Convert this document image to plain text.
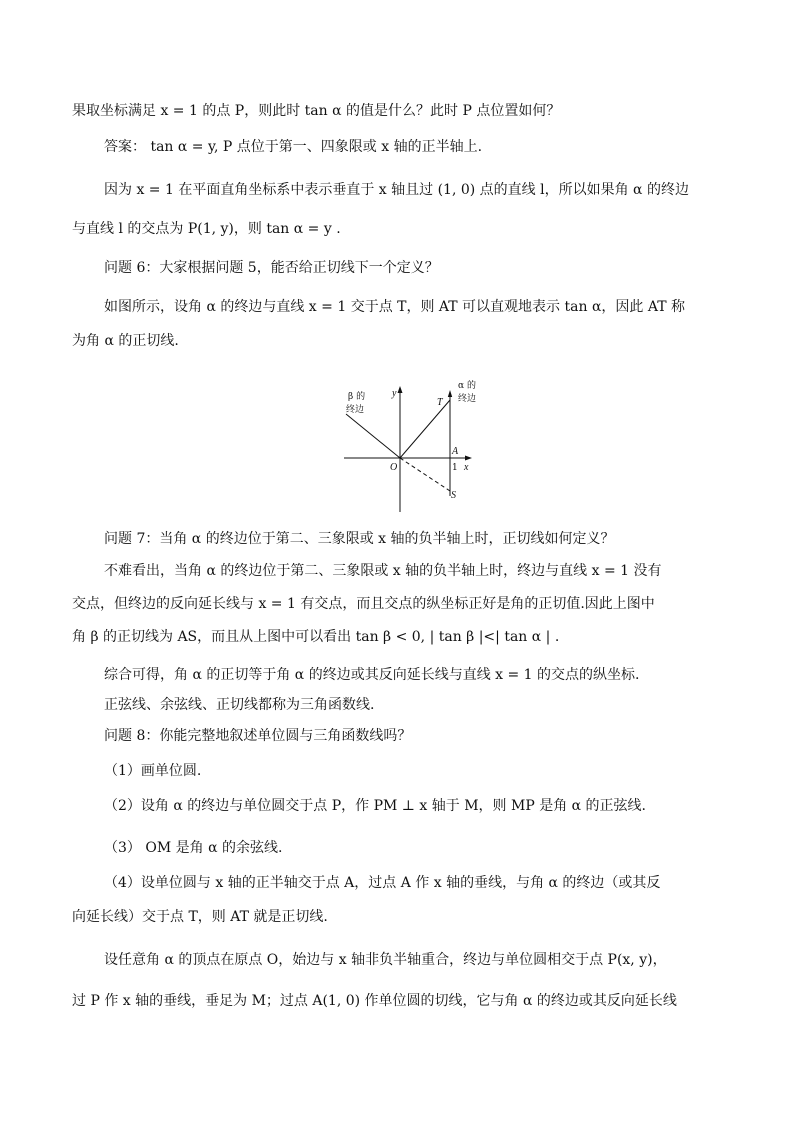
果取坐标满足 x = 1 的点 P，则此时 tan α 的值是什么？此时 P 点位置如何？
答案： tan α = y, P 点位于第一、四象限或 x 轴的正半轴上.
因为 x = 1 在平面直角坐标系中表示垂直于 x 轴且过 (1, 0) 点的直线 l，所以如果角 α 的终边
与直线 l 的交点为 P(1, y)，则 tan α = y .
问题 6：大家根据问题 5，能否给正切线下一个定义？
如图所示，设角 α 的终边与直线 x = 1 交于点 T，则 AT 可以直观地表示 tan α，因此 AT 称
为角 α 的正切线.
β 的
终边
α 的
终边
y
x
O
T
A
S
1
问题 7：当角 α 的终边位于第二、三象限或 x 轴的负半轴上时，正切线如何定义？
不难看出，当角 α 的终边位于第二、三象限或 x 轴的负半轴上时，终边与直线 x = 1 没有
交点，但终边的反向延长线与 x = 1 有交点，而且交点的纵坐标正好是角的正切值.因此上图中
角 β 的正切线为 AS，而且从上图中可以看出 tan β < 0, | tan β |<| tan α | .
综合可得，角 α 的正切等于角 α 的终边或其反向延长线与直线 x = 1 的交点的纵坐标.
正弦线、余弦线、正切线都称为三角函数线.
问题 8：你能完整地叙述单位圆与三角函数线吗？
（1）画单位圆.
（2）设角 α 的终边与单位圆交于点 P，作 PM ⊥ x 轴于 M，则 MP 是角 α 的正弦线.
（3） OM 是角 α 的余弦线.
（4）设单位圆与 x 轴的正半轴交于点 A，过点 A 作 x 轴的垂线，与角 α 的终边（或其反
向延长线）交于点 T，则 AT 就是正切线.
设任意角 α 的顶点在原点 O，始边与 x 轴非负半轴重合，终边与单位圆相交于点 P(x, y)，
过 P 作 x 轴的垂线，垂足为 M；过点 A(1, 0) 作单位圆的切线，它与角 α 的终边或其反向延长线
